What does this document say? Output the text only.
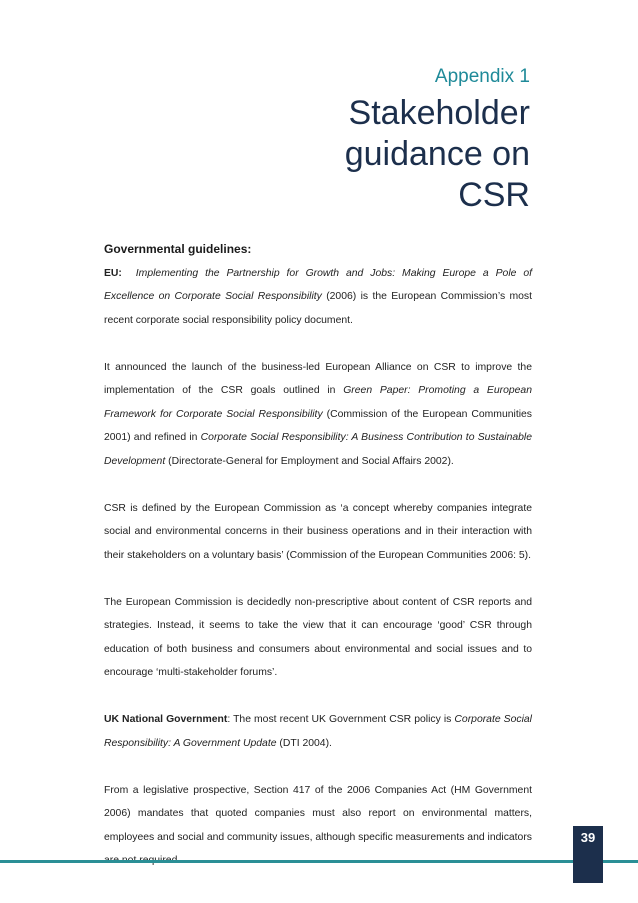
Appendix 1
Stakeholder
guidance on
CSR
Governmental guidelines:

EU: Implementing the Partnership for Growth and Jobs: Making Europe a Pole of Excellence on Corporate Social Responsibility (2006) is the European Commission’s most recent corporate social responsibility policy document.

It announced the launch of the business-led European Alliance on CSR to improve the implementation of the CSR goals outlined in Green Paper: Promoting a European Framework for Corporate Social Responsibility (Commission of the European Communities 2001) and refined in Corporate Social Responsibility: A Business Contribution to Sustainable Development (Directorate-General for Employment and Social Affairs 2002).

CSR is defined by the European Commission as ‘a concept whereby companies integrate social and environmental concerns in their business operations and in their interaction with their stakeholders on a voluntary basis’ (Commission of the European Communities 2006: 5).

The European Commission is decidedly non-prescriptive about content of CSR reports and strategies. Instead, it seems to take the view that it can encourage ‘good’ CSR through education of both business and consumers about environmental and social issues and to encourage ‘multi-stakeholder forums’.

UK National Government: The most recent UK Government CSR policy is Corporate Social Responsibility: A Government Update (DTI 2004).

From a legislative prospective, Section 417 of the 2006 Companies Act (HM Government 2006) mandates that quoted companies must also report on environmental matters, employees and social and community issues, although specific measurements and indicators	39
